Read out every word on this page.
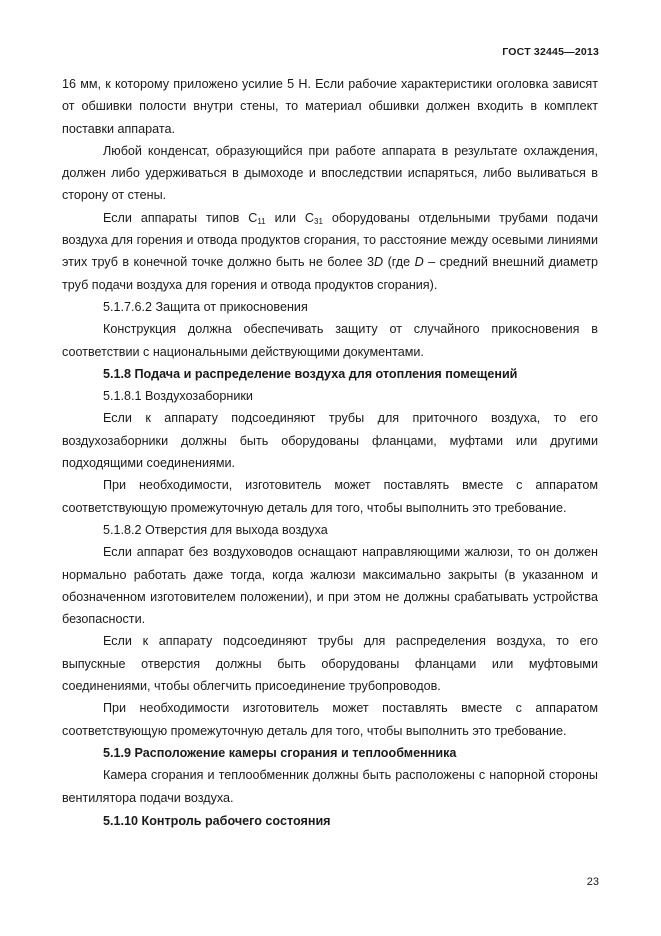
ГОСТ 32445—2013

16 мм, к которому приложено усилие 5 Н. Если рабочие характеристики оголовка зависят от обшивки полости внутри стены, то материал обшивки должен входить в комплект поставки аппарата.

Любой конденсат, образующийся при работе аппарата в результате охлаждения, должен либо удерживаться в дымоходе и впоследствии испаряться, либо выливаться в сторону от стены.

Если аппараты типов $C_{11}$ или $C_{31}$ оборудованы отдельными трубами подачи воздуха для горения и отвода продуктов сгорания, то расстояние между осевыми линиями этих труб в конечной точке должно быть не более 3D (где D – средний внешний диаметр труб подачи воздуха для горения и отвода продуктов сгорания).

5.1.7.6.2 Защита от прикосновения

Конструкция должна обеспечивать защиту от случайного прикосновения в соответствии с национальными действующими документами.

5.1.8 Подача и распределение воздуха для отопления помещений

5.1.8.1 Воздухозаборники

Если к аппарату подсоединяют трубы для приточного воздуха, то его воздухозаборники должны быть оборудованы фланцами, муфтами или другими подходящими соединениями.

При необходимости, изготовитель может поставлять вместе с аппаратом соответствующую промежуточную деталь для того, чтобы выполнить это требование.

5.1.8.2 Отверстия для выхода воздуха

Если аппарат без воздуховодов оснащают направляющими жалюзи, то он должен нормально работать даже тогда, когда жалюзи максимально закрыты (в указанном и обозначенном изготовителем положении), и при этом не должны срабатывать устройства безопасности.

Если к аппарату подсоединяют трубы для распределения воздуха, то его выпускные отверстия должны быть оборудованы фланцами или муфтовыми соединениями, чтобы облегчить присоединение трубопроводов.

При необходимости изготовитель может поставлять вместе с аппаратом соответствующую промежуточную деталь для того, чтобы выполнить это требование.

5.1.9 Расположение камеры сгорания и теплообменника

Камера сгорания и теплообменник должны быть расположены с напорной стороны вентилятора подачи воздуха.

5.1.10 Контроль рабочего состояния

23
